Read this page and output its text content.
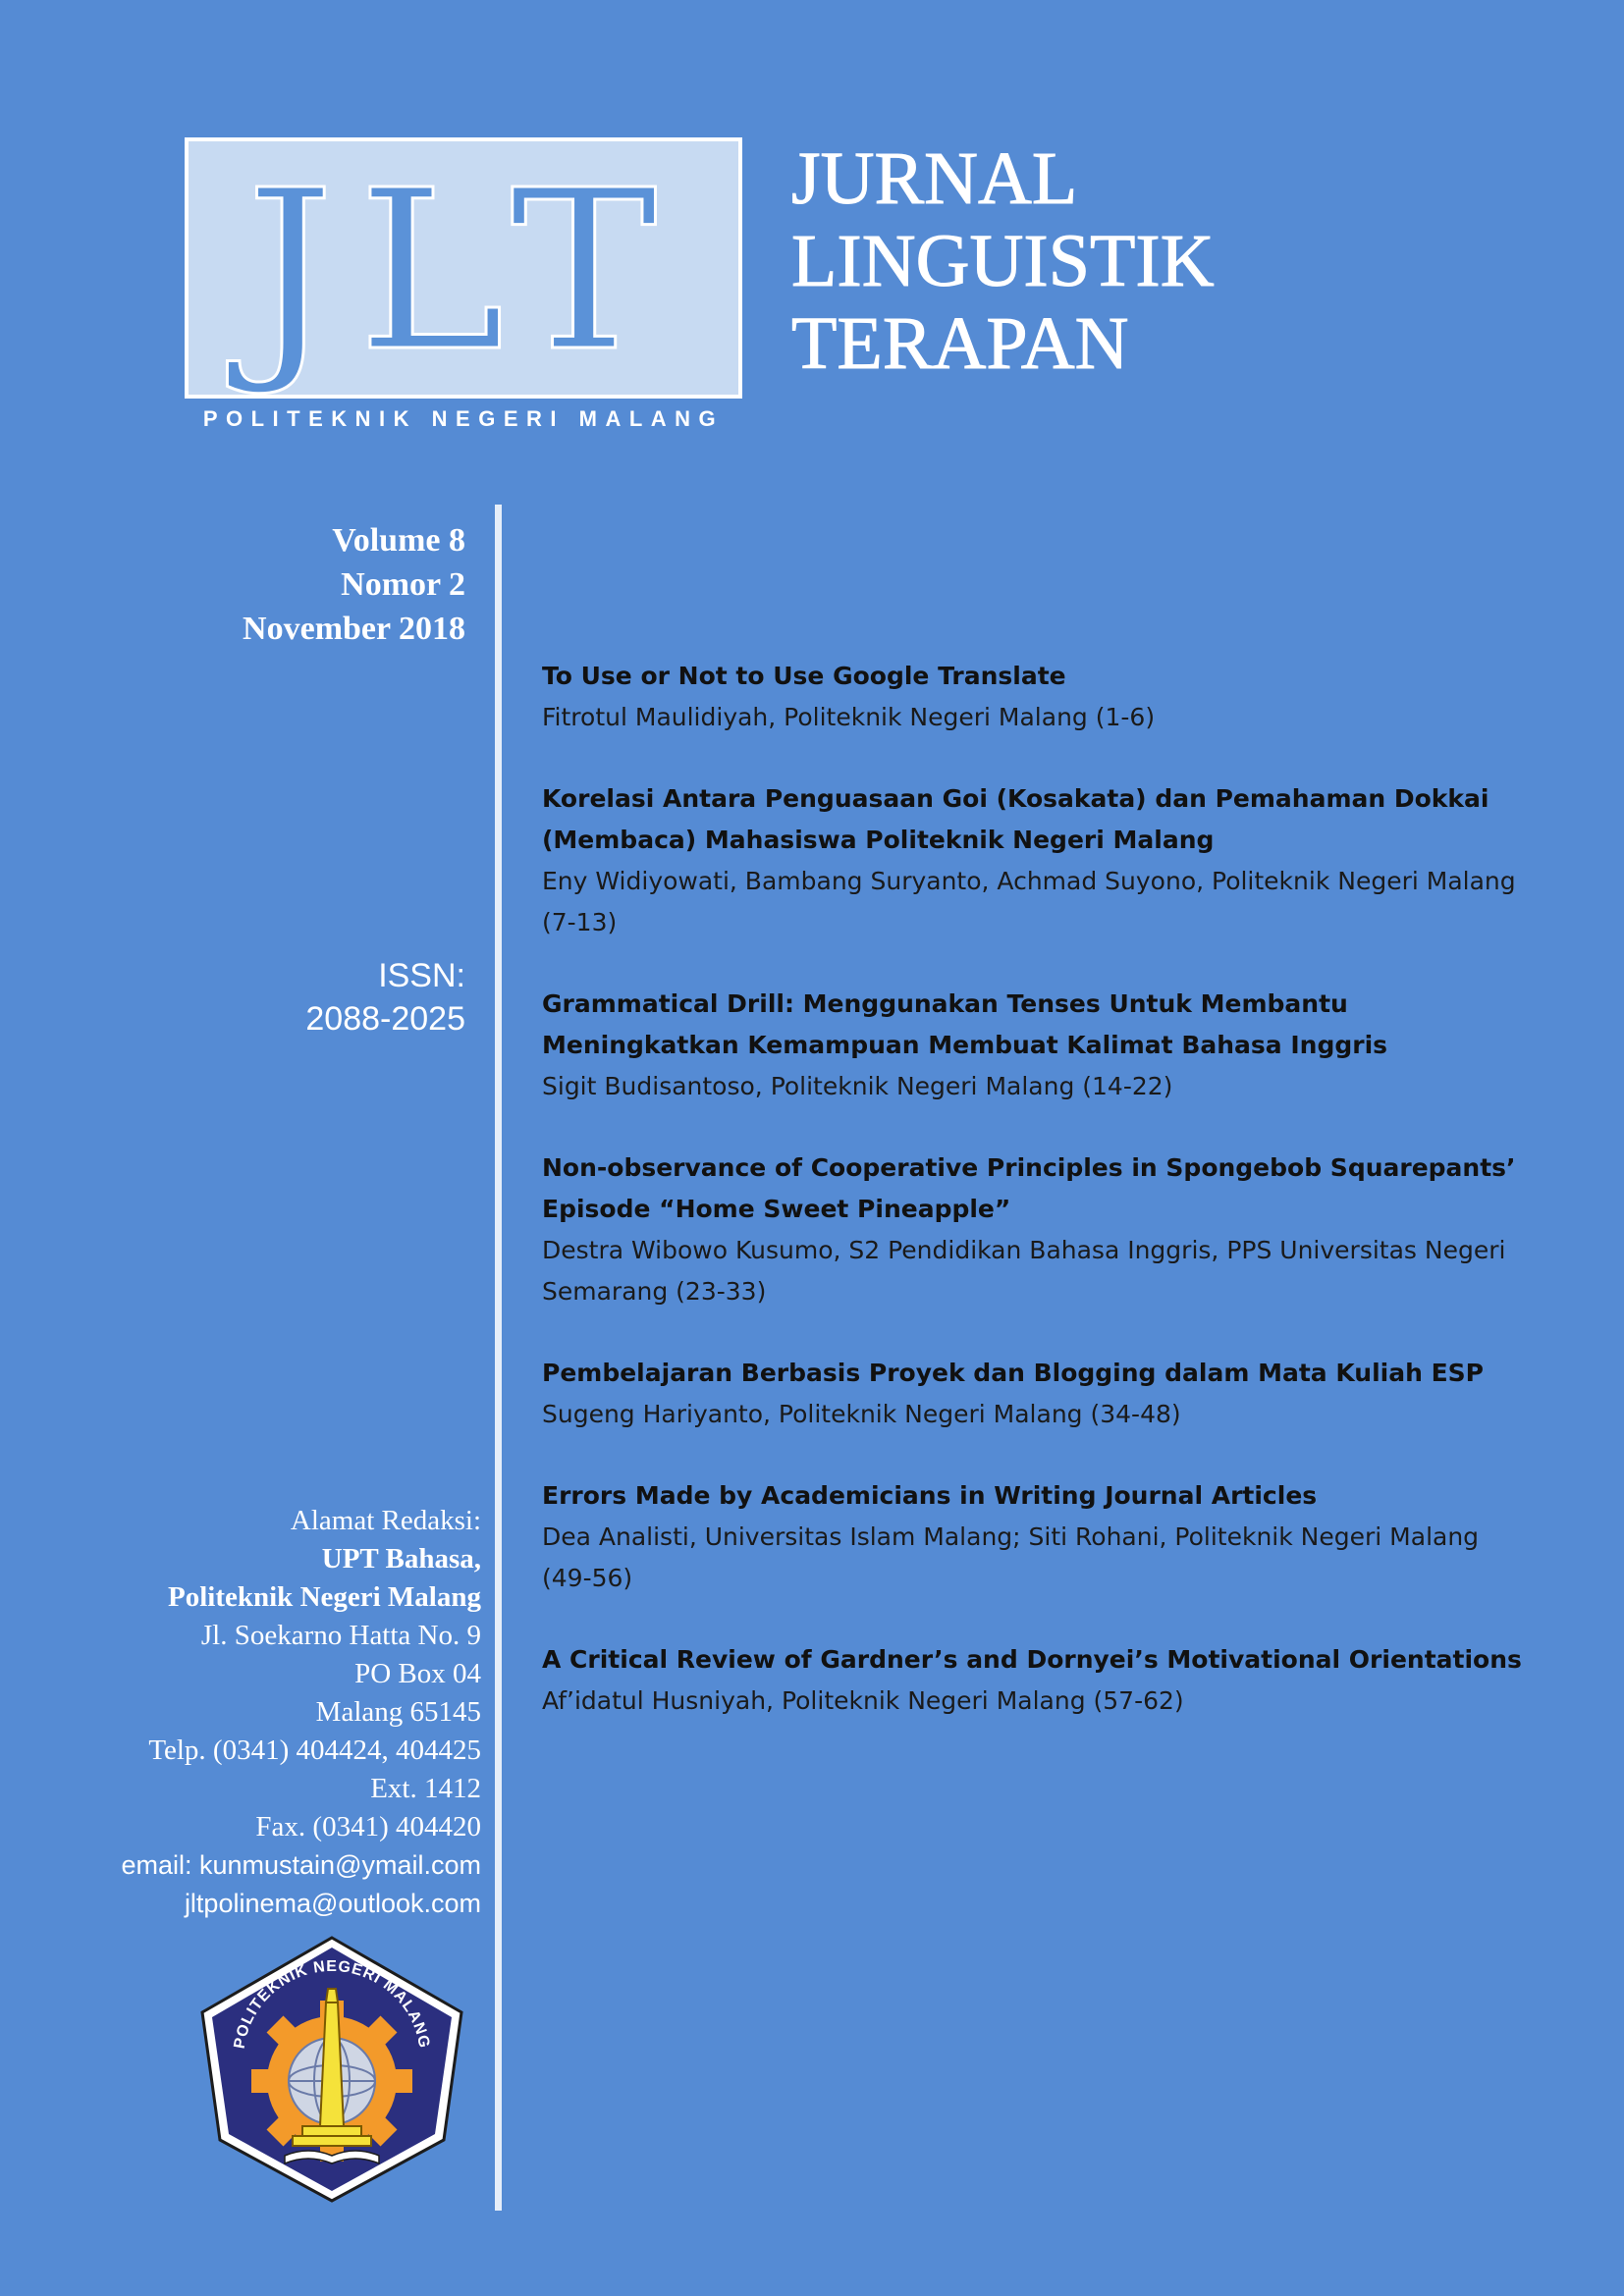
JLT
POLITEKNIK NEGERI MALANG
JURNAL
LINGUISTIK
TERAPAN
Volume 8
Nomor 2
November 2018
ISSN:
2088-2025
To Use or Not to Use Google Translate
Fitrotul Maulidiyah, Politeknik Negeri Malang (1-6)
Korelasi Antara Penguasaan Goi (Kosakata) dan Pemahaman Dokkai (Membaca) Mahasiswa Politeknik Negeri Malang
Eny Widiyowati, Bambang Suryanto, Achmad Suyono, Politeknik Negeri Malang (7-13)
Grammatical Drill: Menggunakan Tenses Untuk Membantu Meningkatkan Kemampuan Membuat Kalimat Bahasa Inggris
Sigit Budisantoso, Politeknik Negeri Malang (14-22)
Non-observance of Cooperative Principles in Spongebob Squarepants’ Episode “Home Sweet Pineapple”
Destra Wibowo Kusumo, S2 Pendidikan Bahasa Inggris, PPS Universitas Negeri Semarang (23-33)
Pembelajaran Berbasis Proyek dan Blogging dalam Mata Kuliah ESP
Sugeng Hariyanto, Politeknik Negeri Malang (34-48)
Errors Made by Academicians in Writing Journal Articles
Dea Analisti, Universitas Islam Malang; Siti Rohani, Politeknik Negeri Malang (49-56)
A Critical Review of Gardner’s and Dornyei’s Motivational Orientations
Af’idatul Husniyah, Politeknik Negeri Malang (57-62)
Alamat Redaksi:
UPT Bahasa,
Politeknik Negeri Malang
Jl. Soekarno Hatta No. 9
PO Box 04
Malang 65145
Telp. (0341) 404424, 404425
Ext. 1412
Fax. (0341) 404420
email: kunmustain@ymail.com
jltpolinema@outlook.com
POLITEKNIK NEGERI MALANG
